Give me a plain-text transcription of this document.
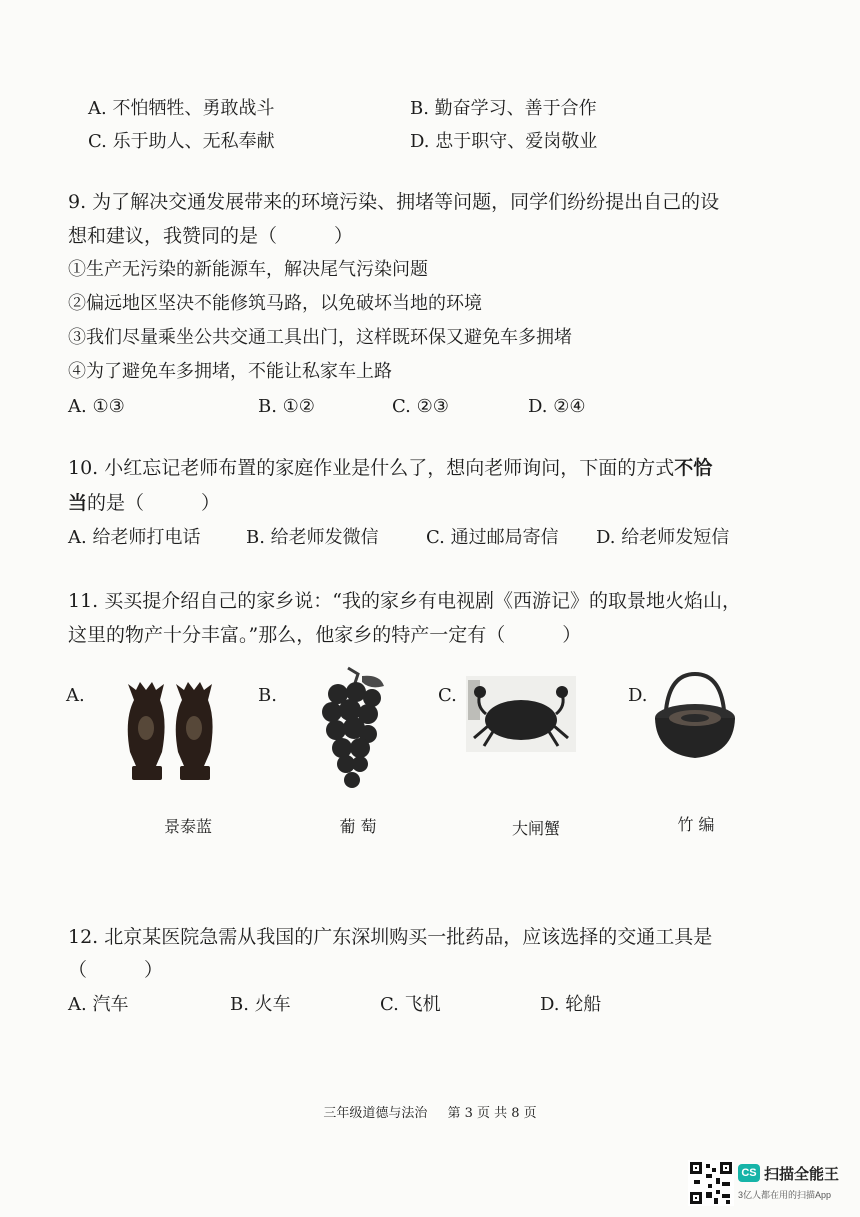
A. 不怕牺牲、勇敢战斗	B. 勤奋学习、善于合作
C. 乐于助人、无私奉献	D. 忠于职守、爱岗敬业
9. 为了解决交通发展带来的环境污染、拥堵等问题，同学们纷纷提出自己的设
想和建议，我赞同的是（　　　）
①生产无污染的新能源车，解决尾气污染问题
②偏远地区坚决不能修筑马路，以免破坏当地的环境
③我们尽量乘坐公共交通工具出门，这样既环保又避免车多拥堵
④为了避免车多拥堵，不能让私家车上路
A. ①③	B. ①②	C. ②③	D. ②④
10. 小红忘记老师布置的家庭作业是什么了，想向老师询问，下面的方式不恰
当的是（　　　）
A. 给老师打电话	B. 给老师发微信	C. 通过邮局寄信 D. 给老师发短信
11. 买买提介绍自己的家乡说：“我的家乡有电视剧《西游记》的取景地火焰山，
这里的物产十分丰富。”那么，他家乡的特产一定有（　　　）
A.
景泰蓝
B.
葡 萄
C.
大闸蟹
D.
竹 编
12. 北京某医院急需从我国的广东深圳购买一批药品，应该选择的交通工具是
（　　　）
A. 汽车	B. 火车	C. 飞机	D. 轮船
三年级道德与法治 第 3 页 共 8 页
CS 扫描全能王
3亿人都在用的扫描App
